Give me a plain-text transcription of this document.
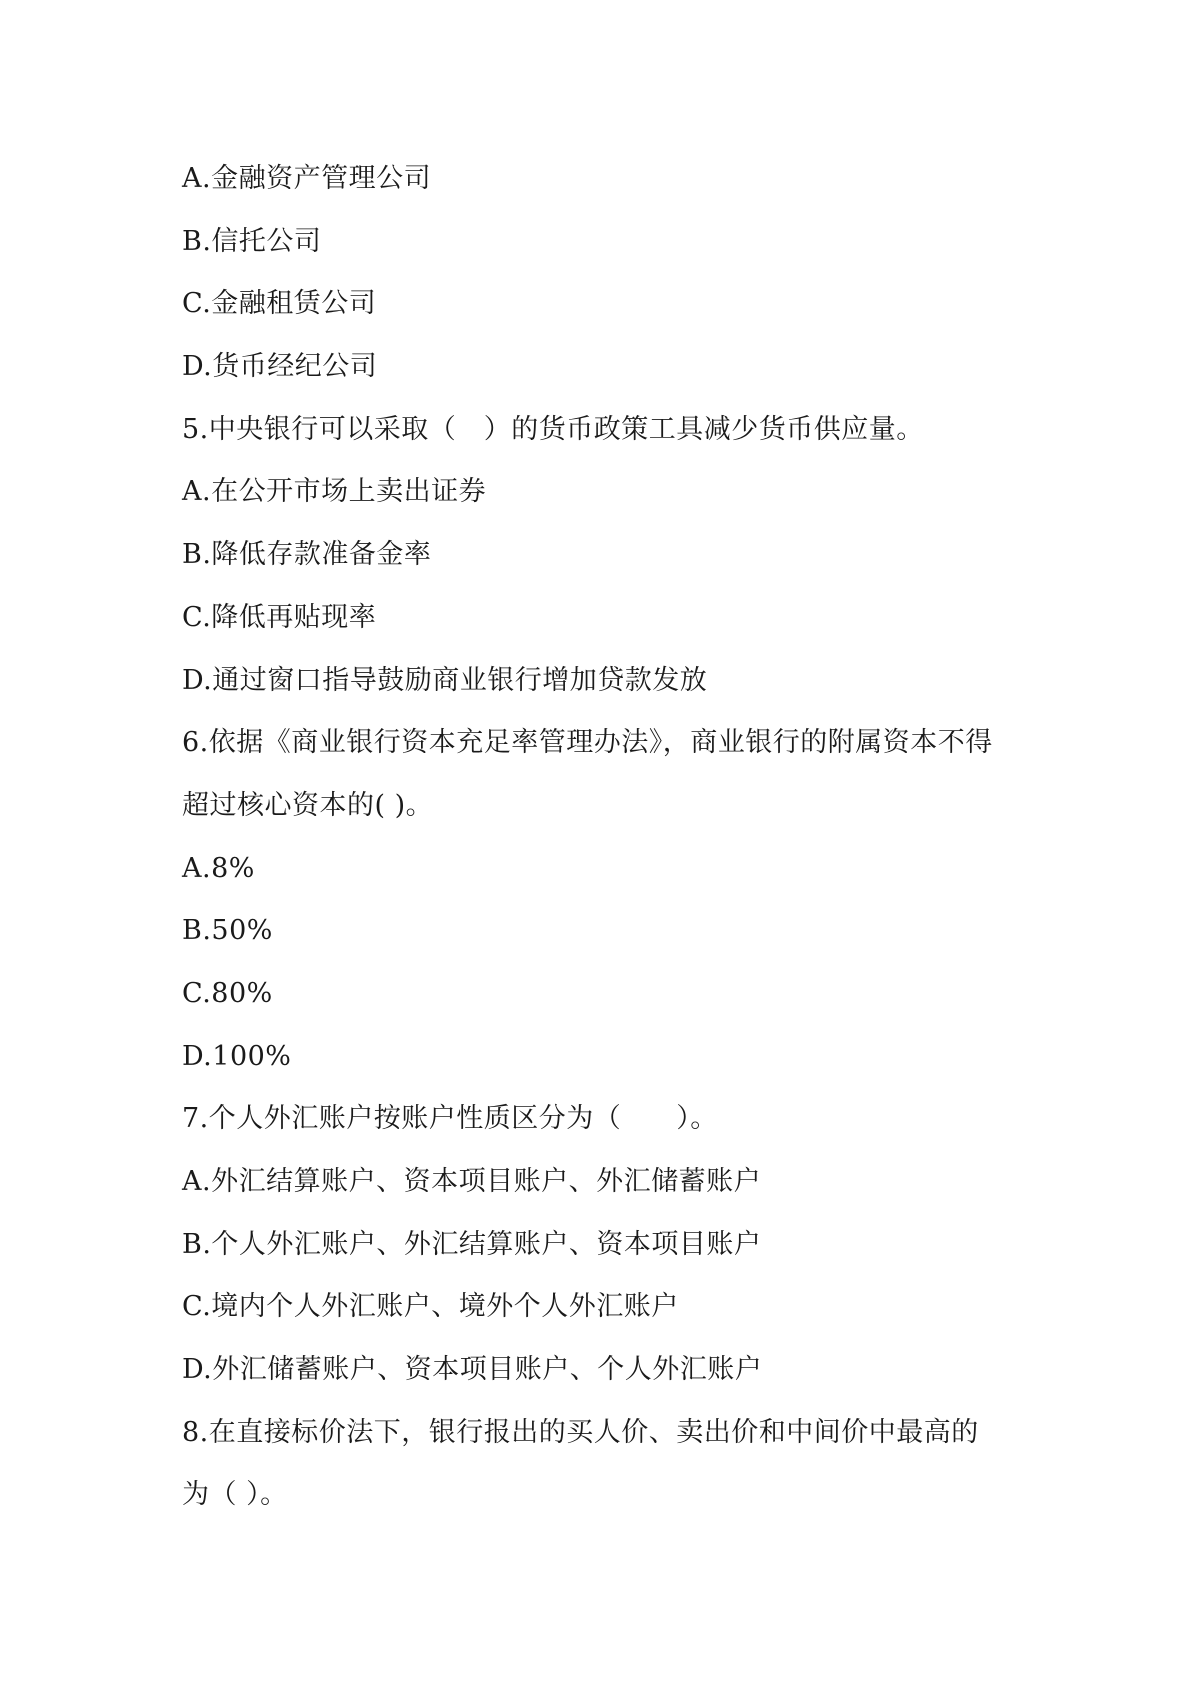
A.金融资产管理公司
B.信托公司
C.金融租赁公司
D.货币经纪公司
5.中央银行可以采取（　）的货币政策工具减少货币供应量。
A.在公开市场上卖出证券
B.降低存款准备金率
C.降低再贴现率
D.通过窗口指导鼓励商业银行增加贷款发放
6.依据《商业银行资本充足率管理办法》，商业银行的附属资本不得
超过核心资本的( )。
A.8%
B.50%
C.80%
D.100%
7.个人外汇账户按账户性质区分为（　　）。
A.外汇结算账户、资本项目账户、外汇储蓄账户
B.个人外汇账户、外汇结算账户、资本项目账户
C.境内个人外汇账户、境外个人外汇账户
D.外汇储蓄账户、资本项目账户、个人外汇账户
8.在直接标价法下，银行报出的买人价、卖出价和中间价中最高的
为（ ）。
